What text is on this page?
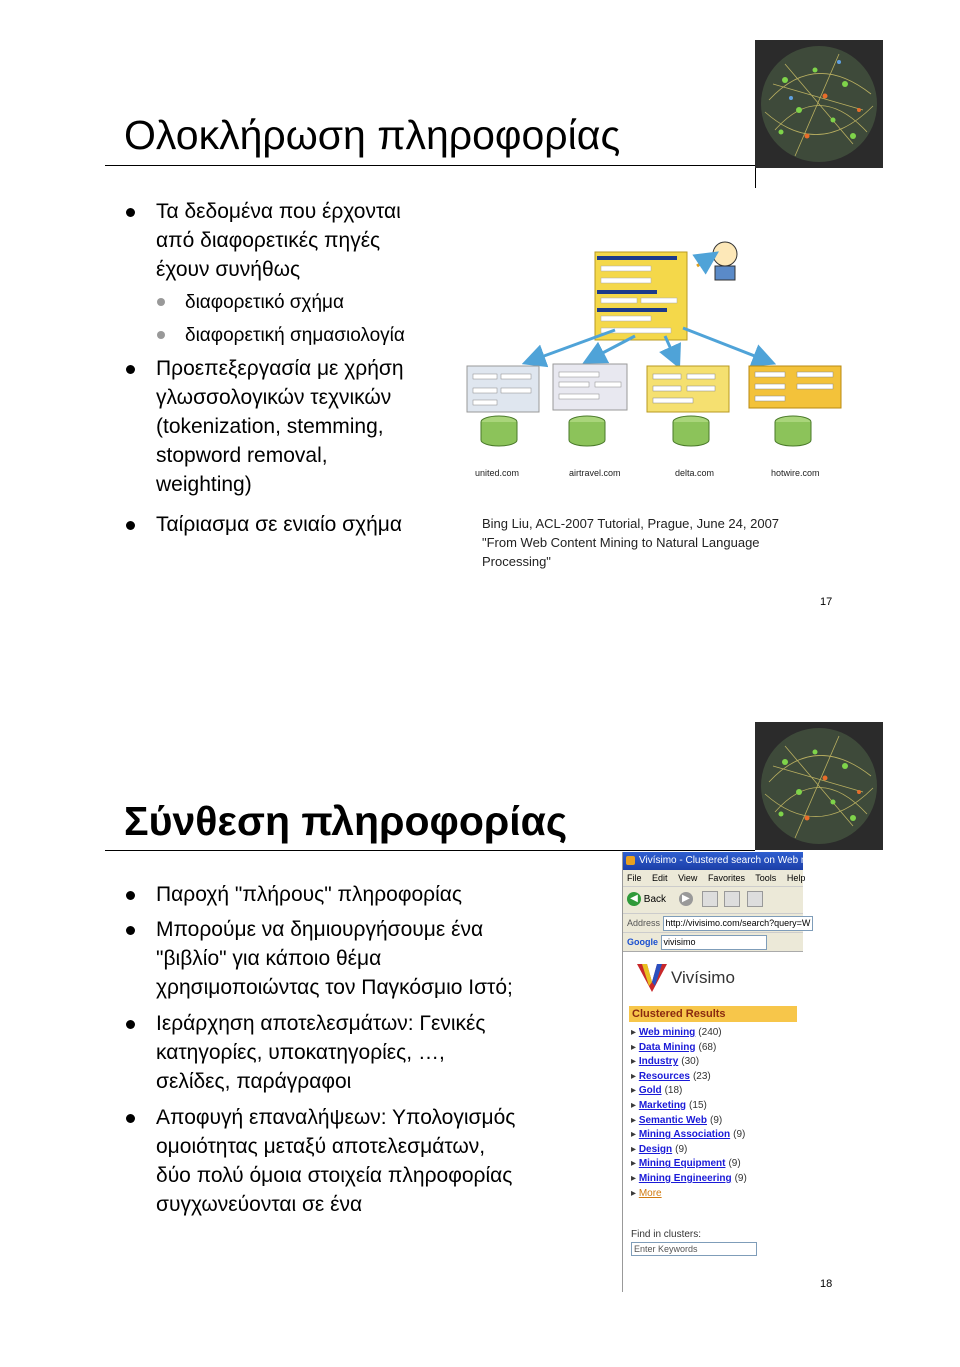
Ολοκλήρωση πληροφορίας
Τα δεδομένα που έρχονται
από διαφορετικές πηγές
έχουν συνήθως
διαφορετικό σχήμα
διαφορετική σημασιολογία
Προεπεξεργασία με χρήση
γλωσσολογικών τεχνικών
(tokenization, stemming,
stopword removal,
weighting)
Ταίριασμα σε ενιαίο σχήμα
united.com	airtravel.com	delta.com	hotwire.com
Bing Liu, ACL-2007 Tutorial, Prague, June 24, 2007
"From Web Content Mining to Natural Language
Processing"
17
Σύνθεση πληροφορίας
Παροχή "πλήρους" πληροφορίας
Μπορούμε να δημιουργήσουμε ένα
"βιβλίο" για κάποιο θέμα
χρησιμοποιώντας τον Παγκόσμιο Ιστό;
Ιεράρχηση αποτελεσμάτων: Γενικές
κατηγορίες, υποκατηγορίες, …,
σελίδες, παράγραφοι
Αποφυγή επαναλήψεων: Υπολογισμός
ομοιότητας μεταξύ αποτελεσμάτων,
δύο πολύ όμοια στοιχεία πληροφορίας
συγχωνεύονται σε ένα
Vivísimo - Clustered search on Web m
File Edit View Favorites Tools Help
◀ Back ▶
Address http://vivisimo.com/search?query=W
Google vivisimo
Vivísimo
Clustered Results
▸ Web mining (240)
▸ Data Mining (68)
▸ Industry (30)
▸ Resources (23)
▸ Gold (18)
▸ Marketing (15)
▸ Semantic Web (9)
▸ Mining Association (9)
▸ Design (9)
▸ Mining Equipment (9)
▸ Mining Engineering (9)
▸ More
Find in clusters:
Enter Keywords
18
